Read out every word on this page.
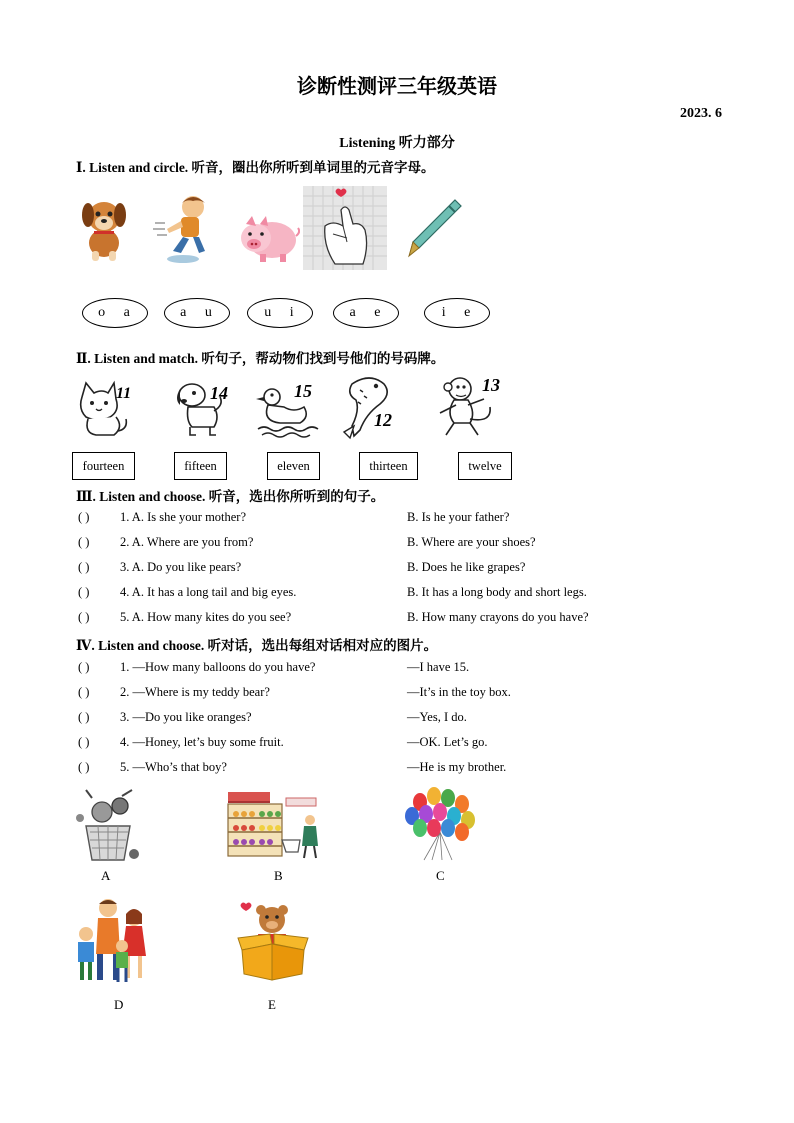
诊断性测评三年级英语
2023. 6
Listening 听力部分
Ⅰ. Listen and circle. 听音，圈出你所听到单词里的元音字母。
o   a	a   u	u   i	a   e	i   e
Ⅱ. Listen and match. 听句子，帮动物们找到号他们的号码牌。
11	14	15
12
13
fourteen	fifteen	eleven	thirteen	twelve
Ⅲ. Listen and choose. 听音，选出你所听到的句子。
( ) 1. A. Is she your mother?	B. Is he your father?
( ) 2. A. Where are you from?	B. Where are your shoes?
( ) 3. A. Do you like pears?	B. Does he like grapes?
( ) 4. A. It has a long tail and big eyes.	B. It has a long body and short legs.
( ) 5. A. How many kites do you see?	B. How many crayons do you have?
Ⅳ. Listen and choose. 听对话，选出每组对话相对应的图片。
( ) 1. —How many balloons do you have?	—I have 15.
( ) 2. —Where is my teddy bear?	—It’s in the toy box.
( ) 3. —Do you like oranges?	—Yes, I do.
( ) 4. —Honey, let’s buy some fruit.	—OK. Let’s go.
( ) 5. —Who’s that boy?	—He is my brother.
A	B	C
D	E
